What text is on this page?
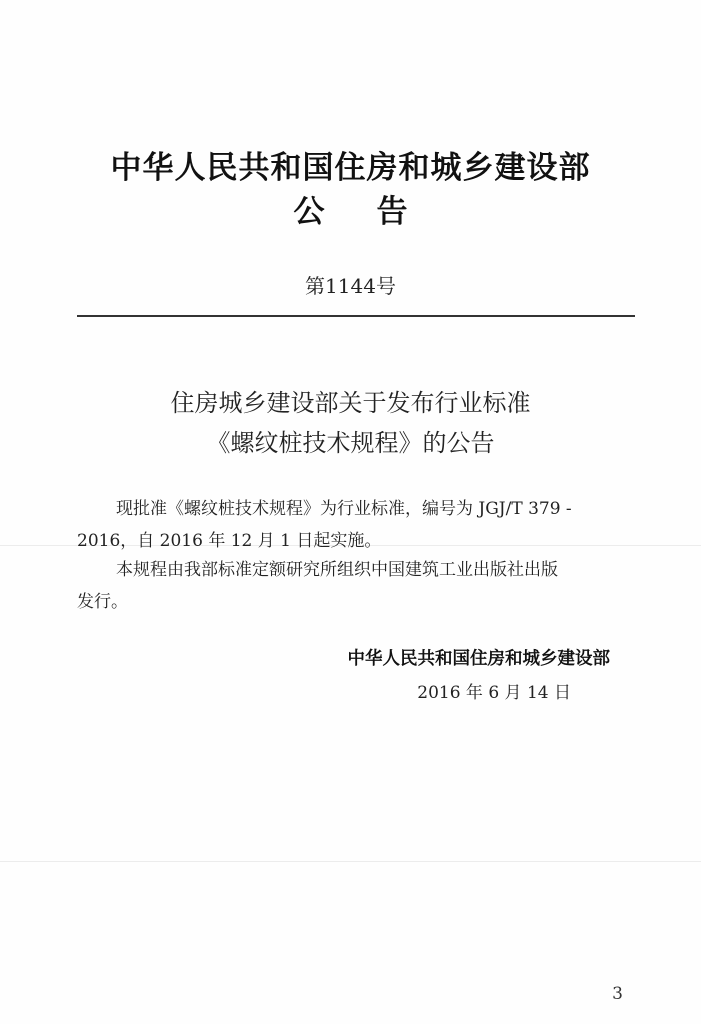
中华人民共和国住房和城乡建设部
公告
第1144号
住房城乡建设部关于发布行业标准
《螺纹桩技术规程》的公告
现批准《螺纹桩技术规程》为行业标准，编号为 JGJ/T 379 -
2016，自 2016 年 12 月 1 日起实施。
本规程由我部标准定额研究所组织中国建筑工业出版社出版
发行。
中华人民共和国住房和城乡建设部
2016 年 6 月 14 日
3
